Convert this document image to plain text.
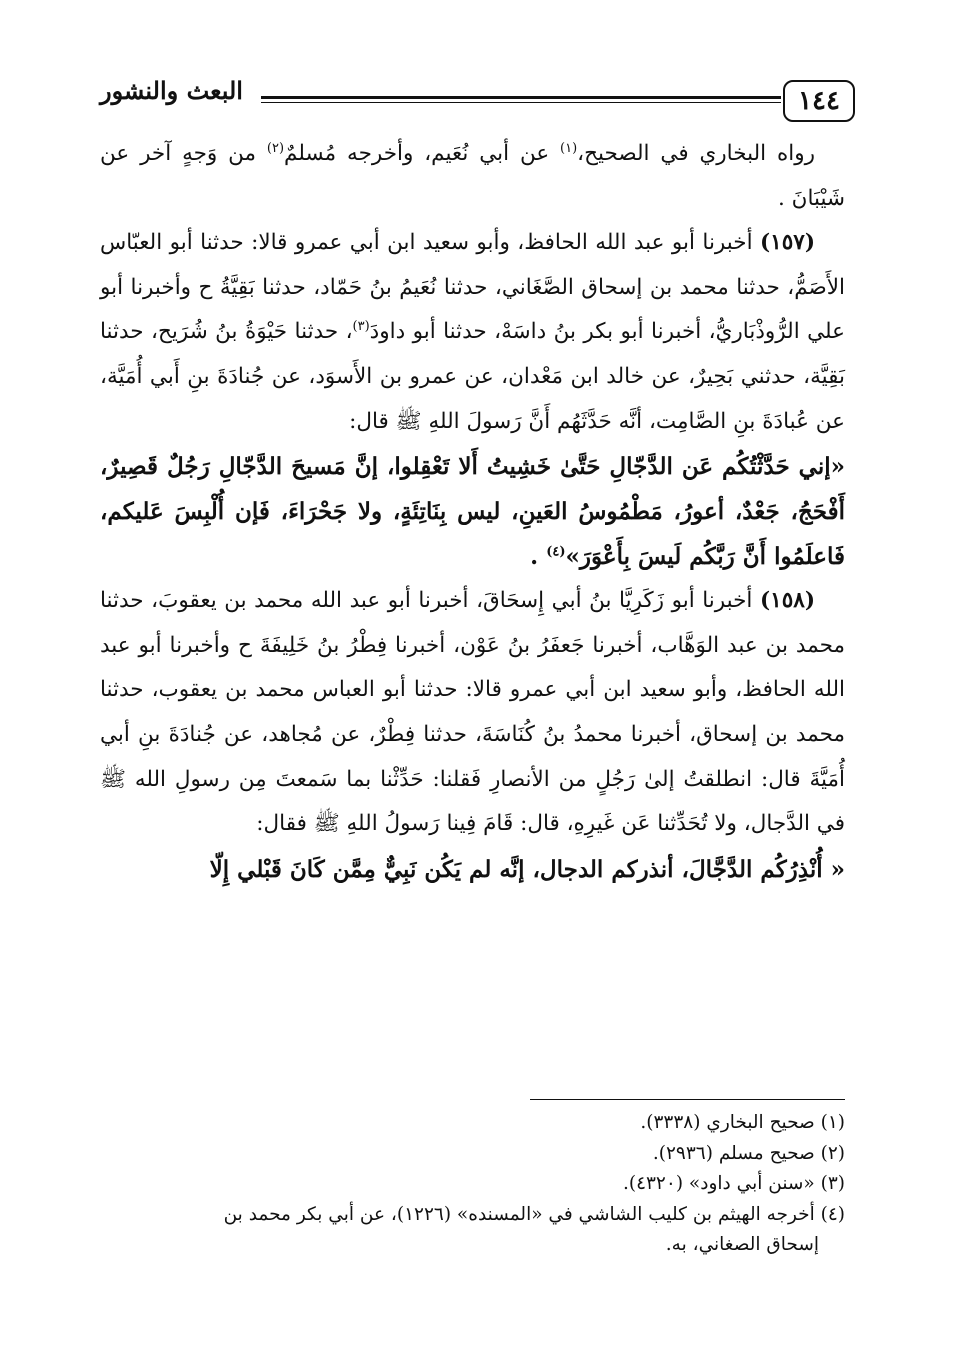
١٤٤
البعث والنشور

رواه البخاري في الصحيح،$^{(١)}$ عن أبي نُعَيم، وأخرجه مُسلمٌ$^{(٢)}$ من وَجهٍ آخر عن شَيْبَانَ .

(١٥٧) أخبرنا أبو عبد الله الحافظ، وأبو سعيد ابن أبي عمرو قالا: حدثنا أبو العبّاس الأَصَمُّ، حدثنا محمد بن إسحاق الصَّغَاني، حدثنا نُعَيمُ بنُ حَمّاد، حدثنا بَقِيَّةُ ح وأخبرنا أبو علي الرُّوذْبَاريُّ، أخبرنا أبو بكر بنُ داسَهْ، حدثنا أبو داودَ$^{(٣)}$، حدثنا حَيْوَةُ بنُ شُرَيح، حدثنا بَقِيَّة، حدثني بَحِيرٌ، عن خالد ابن مَعْدان، عن عمرو بن الأَسوَد، عن جُنادَةَ بنِ أَبي أُمَيَّة، عن عُبادَةَ بنِ الصَّامِت، أنَّه حَدَّثَهُم أَنَّ رَسولَ اللهِ ﷺ قال:

«إني حَدَّثْتُكُم عَن الدَّجّالِ حَتَّىٰ خَشِيتُ أَلا تَعْقِلوا، إنَّ مَسيحَ الدَّجّالِ رَجُلٌ قَصِيرٌ، أَفْحَجُ، جَعْدٌ، أعورُ، مَطْمُوسُ العَينِ، ليس بِنَاتِئَةٍ، ولا جَحْرَاءَ، فَإن أُلْبِسَ عَليكم، فَاعلَمُوا أَنَّ رَبَّكُم لَيسَ بِأَعْوَرَ»$^{(٤)}$ .

(١٥٨) أخبرنا أبو زَكَرِيَّا بنُ أبي إِسحَاقَ، أخبرنا أبو عبد الله محمد بن يعقوبَ، حدثنا محمد بن عبد الوَهَّاب، أخبرنا جَعفَرُ بنُ عَوْن، أخبرنا فِطْرُ بنُ خَلِيفَةَ ح وأخبرنا أبو عبد الله الحافظ، وأبو سعيد ابن أبي عمرو قالا: حدثنا أبو العباس محمد بن يعقوب، حدثنا محمد بن إسحاق، أخبرنا محمدُ بنُ كُنَاسَةَ، حدثنا فِطْرٌ، عن مُجاهد، عن جُنادَةَ بنِ أبي أُمَيَّةَ قال: انطلقتُ إلىٰ رَجُلٍ من الأنصارِ فَقلنا: حَدِّثْنا بما سَمعتَ مِن رسولِ الله ﷺ في الدَّجال، ولا تُحَدِّثنا عَن غَيرِهِ، قال: قَامَ فِينا رَسولُ اللهِ ﷺ فقال:

« أُنْذِرُكُم الدَّجَّالَ، أنذركم الدجال، إنَّه لم يَكُن نَبِيٌّ مِمَّن كَانَ قَبْلي إِلّا

(١) صحيح البخاري (٣٣٣٨).

(٢) صحيح مسلم (٢٩٣٦).

(٣) «سنن أبي داود» (٤٣٢٠).

(٤) أخرجه الهيثم بن كليب الشاشي في «المسنده» (١٢٢٦)، عن أبي بكر محمد بن

إسحاق الصغاني، به.
